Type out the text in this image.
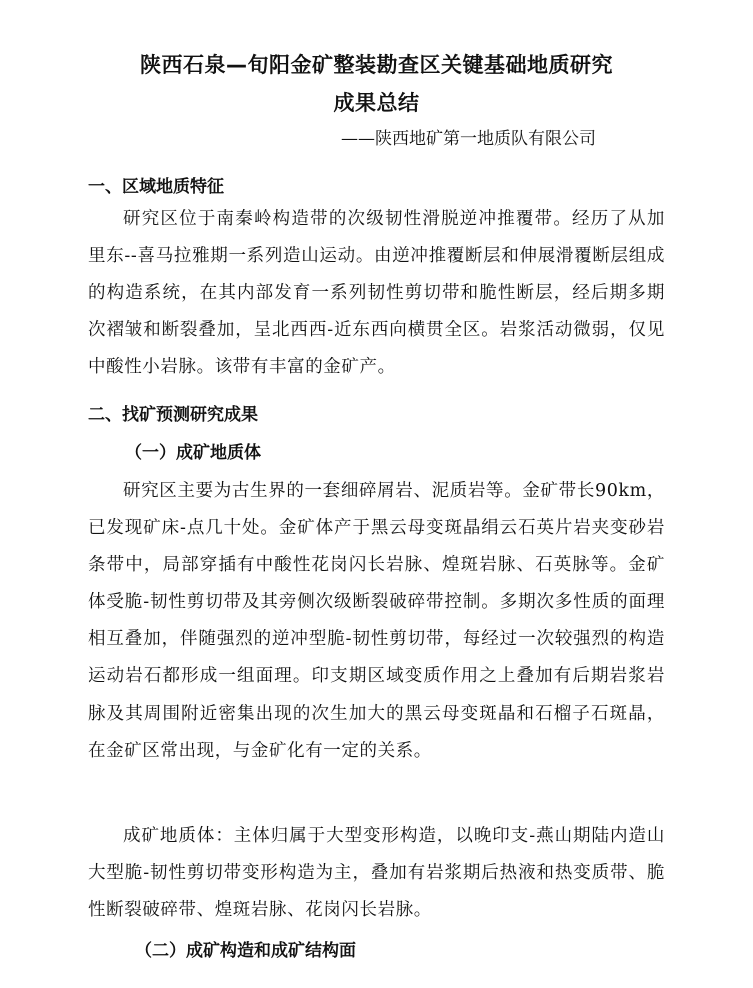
陕西石泉—旬阳金矿整装勘查区关键基础地质研究
成果总结
——陕西地矿第一地质队有限公司
一、区域地质特征

研究区位于南秦岭构造带的次级韧性滑脱逆冲推覆带。经历了从加里东--喜马拉雅期一系列造山运动。由逆冲推覆断层和伸展滑覆断层组成的构造系统，在其内部发育一系列韧性剪切带和脆性断层，经后期多期次褶皱和断裂叠加，呈北西西-近东西向横贯全区。岩浆活动微弱，仅见中酸性小岩脉。该带有丰富的金矿产。

二、找矿预测研究成果
（一）成矿地质体

研究区主要为古生界的一套细碎屑岩、泥质岩等。金矿带长90km，已发现矿床-点几十处。金矿体产于黑云母变斑晶绢云石英片岩夹变砂岩条带中，局部穿插有中酸性花岗闪长岩脉、煌斑岩脉、石英脉等。金矿体受脆-韧性剪切带及其旁侧次级断裂破碎带控制。多期次多性质的面理相互叠加，伴随强烈的逆冲型脆-韧性剪切带，每经过一次较强烈的构造运动岩石都形成一组面理。印支期区域变质作用之上叠加有后期岩浆岩脉及其周围附近密集出现的次生加大的黑云母变斑晶和石榴子石斑晶，在金矿区常出现，与金矿化有一定的关系。

成矿地质体：主体归属于大型变形构造，以晚印支-燕山期陆内造山大型脆-韧性剪切带变形构造为主，叠加有岩浆期后热液和热变质带、脆性断裂破碎带、煌斑岩脉、花岗闪长岩脉。

（二）成矿构造和成矿结构面
